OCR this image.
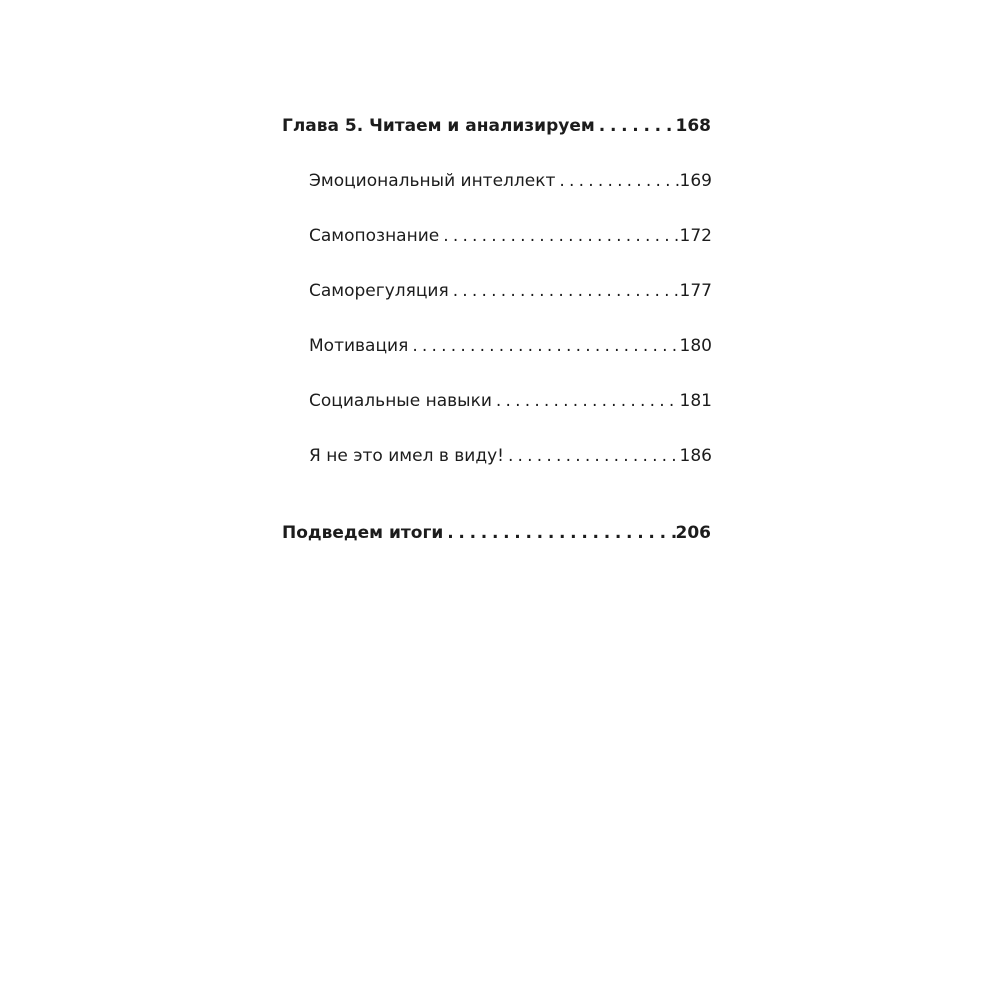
Глава 5. Читаем и анализируем . . .	168
Эмоциональный интеллект . . .	169
Самопознание . . .	172
Саморегуляция . . .	177
Мотивация . . .	180
Социальные навыки . . .	181
Я не это имел в виду! . . .	186
Подведем итоги . . .	206
